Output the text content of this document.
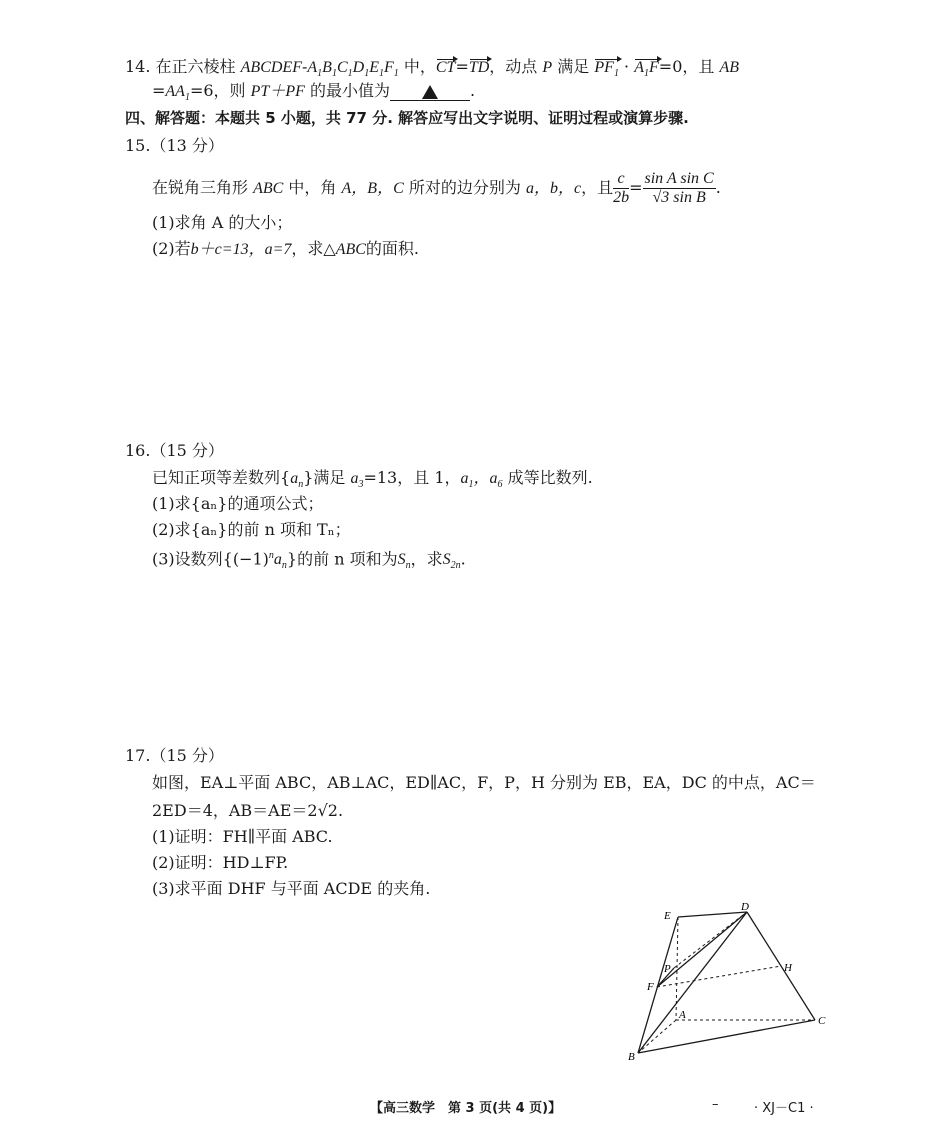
14. 在正六棱柱 ABCDEF-$A_1B_1C_1D_1E_1F_1$ 中，CT=TD，动点 P 满足 $PF_1 \cdot A_1F=0$，且 AB
$=AA_1=6$，则 PT＋PF 的最小值为	.
四、解答题：本题共 5 小题，共 77 分. 解答应写出文字说明、证明过程或演算步骤.
15.（13 分）
在锐角三角形 ABC 中，角 A，B，C 所对的边分别为 a，b，c，且 $\frac{c}{2b} = \frac{\text{sin A sin C}}{\text{√3 sin B}}$ .
(1)求角 A 的大小；
(2)若b＋c=13，a=7，求△ABC的面积.
16.（15 分）
已知正项等差数列$\{a_n\}$满足 $a_3=13$，且 1，$a_1$，$a_6$ 成等比数列.
(1)求{aₙ}的通项公式；
(2)求{aₙ}的前 n 项和 Tₙ；
(3)设数列$\{(-1)^na_n\}$的前 n 项和为$S_n$，求$S_{2n}$.
17.（15 分）
如图，EA⊥平面 ABC，AB⊥AC，ED∥AC，F，P，H 分别为 EB，EA，DC 的中点，AC＝
2ED＝4，AB＝AE＝2√2.
(1)证明：FH∥平面 ABC.
(2)证明：HD⊥FP.
(3)求平面 DHF 与平面 ACDE 的夹角.
E
D
P	H
F
A	C
B
【高三数学　第 3 页(共 4 页)】	–	· XJ－C1 ·
